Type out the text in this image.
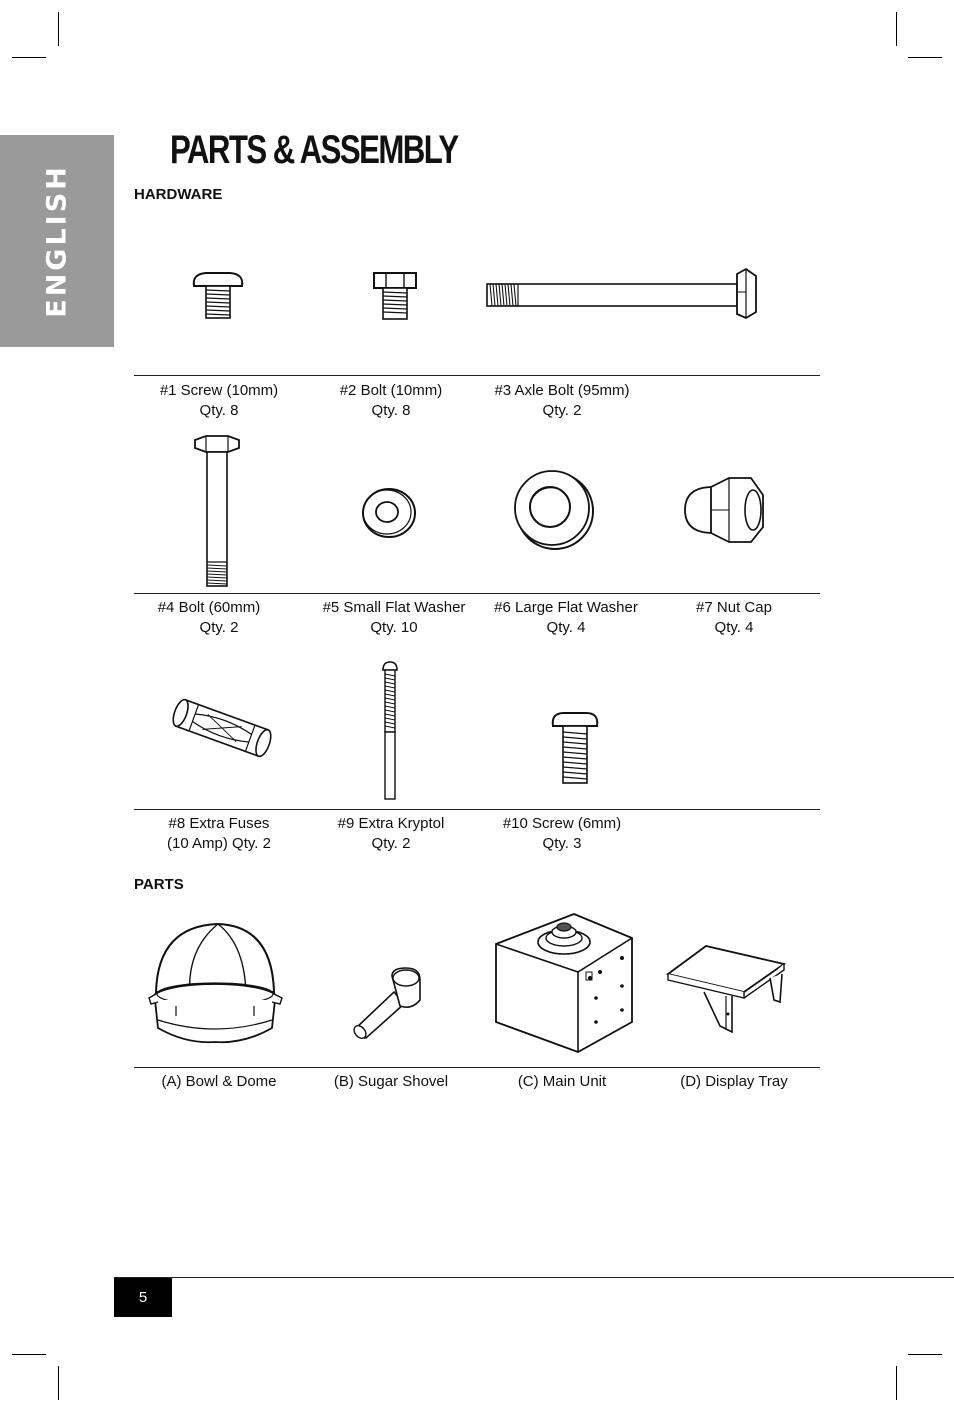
ENGLISH
PARTS & ASSEMBLY
HARDWARE
#1 Screw (10mm)
Qty. 8
#2 Bolt (10mm)
Qty. 8
#3 Axle Bolt (95mm)
Qty. 2
#4 Bolt (60mm)
Qty. 2
#5 Small Flat Washer
Qty. 10
#6 Large Flat Washer
Qty. 4
#7 Nut Cap
Qty. 4
#8 Extra Fuses
(10 Amp) Qty. 2
#9 Extra Kryptol
Qty. 2
#10 Screw (6mm)
Qty. 3
PARTS
(A) Bowl & Dome	(B) Sugar Shovel	(C) Main Unit	(D) Display Tray
5
